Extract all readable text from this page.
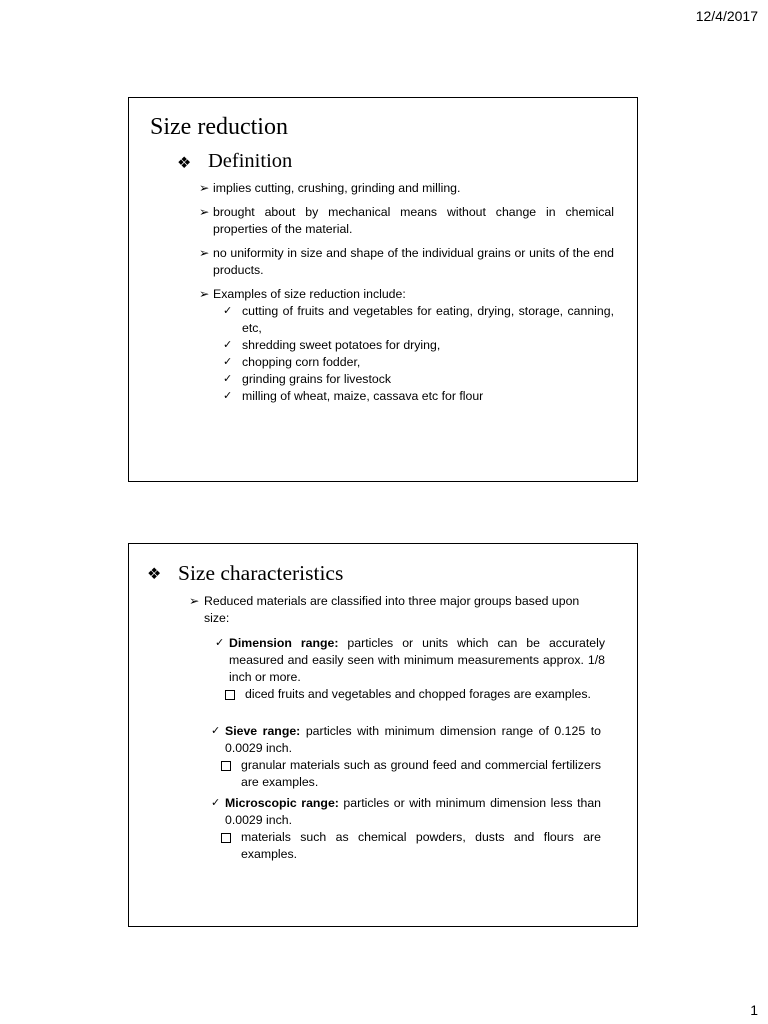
12/4/2017
Size reduction
❖ Definition
➢ implies cutting, crushing, grinding and milling.
➢ brought about by mechanical means without change in chemical properties of the material.
➢ no uniformity in size and shape of the individual grains or units of the end products.
➢ Examples of size reduction include:
✓ cutting of fruits and vegetables for eating, drying, storage, canning, etc,
✓ shredding sweet potatoes for drying,
✓ chopping corn fodder,
✓ grinding grains for livestock
✓ milling of wheat, maize, cassava etc for flour
❖ Size characteristics
➢ Reduced materials are classified into three major groups based upon size:
✓ Dimension range: particles or units which can be accurately measured and easily seen with minimum measurements approx. 1/8 inch or more.
diced fruits and vegetables and chopped forages are examples.
✓ Sieve range: particles with minimum dimension range of 0.125 to 0.0029 inch.
granular materials such as ground feed and commercial fertilizers are examples.
✓ Microscopic range: particles or with minimum dimension less than 0.0029 inch.
materials such as chemical powders, dusts and flours are examples.
1
